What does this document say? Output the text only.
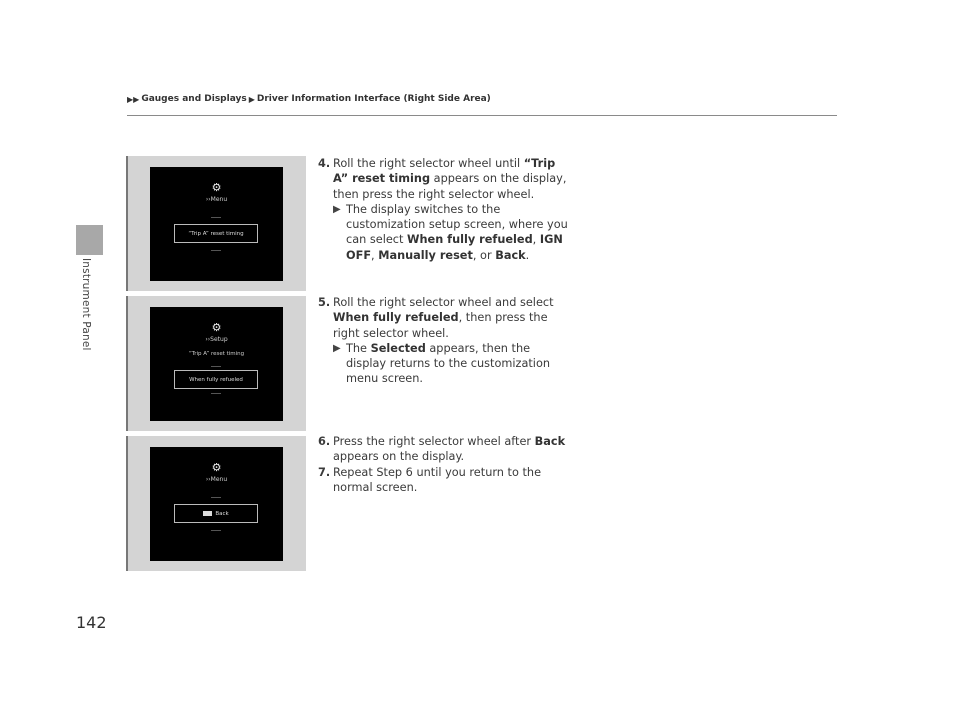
Instrument Panel
▶▶ Gauges and Displays ▶ Driver Information Interface (Right Side Area)
⚙
››Menu
“Trip A” reset timing
⚙
››Setup
“Trip A” reset timing
When fully refueled
⚙
››Menu
Back
4. Roll the right selector wheel until “Trip A” reset timing appears on the display, then press the right selector wheel.
▶ The display switches to the customization setup screen, where you can select When fully refueled, IGN OFF, Manually reset, or Back.
5. Roll the right selector wheel and select When fully refueled, then press the right selector wheel.
▶ The Selected appears, then the display returns to the customization menu screen.
6. Press the right selector wheel after Back appears on the display.
7. Repeat Step 6 until you return to the normal screen.
142
